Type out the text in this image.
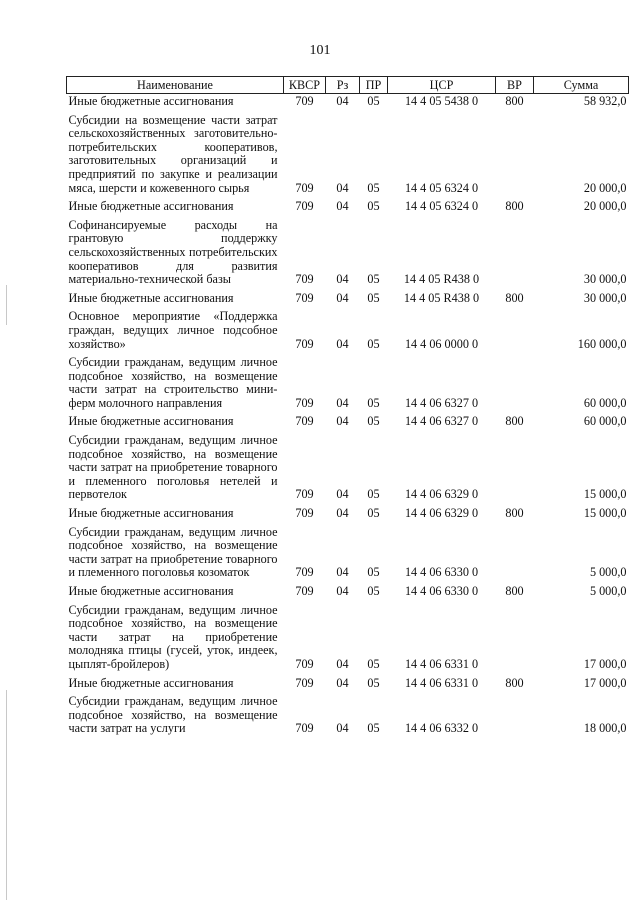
101
Наименование	КВСР	Рз	ПР	ЦСР	ВР	Сумма
Иные бюджетные ассигнования	709	04	05	14 4 05 5438 0	800	58 932,0
Субсидии на возмещение части затрат сельскохозяйственных заготовительно-потребительских кооперативов, заготовительных организаций и предприятий по закупке и реализации мяса, шерсти и кожевенного сырья	709	04	05	14 4 05 6324 0		20 000,0
Иные бюджетные ассигнования	709	04	05	14 4 05 6324 0	800	20 000,0
Софинансируемые расходы на грантовую поддержку сельскохозяйственных потребительских кооперативов для развития материально-технической базы	709	04	05	14 4 05 R438 0		30 000,0
Иные бюджетные ассигнования	709	04	05	14 4 05 R438 0	800	30 000,0
Основное мероприятие «Поддержка граждан, ведущих личное подсобное хозяйство»	709	04	05	14 4 06 0000 0		160 000,0
Субсидии гражданам, ведущим личное подсобное хозяйство, на возмещение части затрат на строительство мини-ферм молочного направления	709	04	05	14 4 06 6327 0		60 000,0
Иные бюджетные ассигнования	709	04	05	14 4 06 6327 0	800	60 000,0
Субсидии гражданам, ведущим личное подсобное хозяйство, на возмещение части затрат на приобретение товарного и племенного поголовья нетелей и первотелок	709	04	05	14 4 06 6329 0		15 000,0
Иные бюджетные ассигнования	709	04	05	14 4 06 6329 0	800	15 000,0
Субсидии гражданам, ведущим личное подсобное хозяйство, на возмещение части затрат на приобретение товарного и племенного поголовья козоматок	709	04	05	14 4 06 6330 0		5 000,0
Иные бюджетные ассигнования	709	04	05	14 4 06 6330 0	800	5 000,0
Субсидии гражданам, ведущим личное подсобное хозяйство, на возмещение части затрат на приобретение молодняка птицы (гусей, уток, индеек, цыплят-бройлеров)	709	04	05	14 4 06 6331 0		17 000,0
Иные бюджетные ассигнования	709	04	05	14 4 06 6331 0	800	17 000,0
Субсидии гражданам, ведущим личное подсобное хозяйство, на возмещение части затрат на услуги	709	04	05	14 4 06 6332 0		18 000,0
